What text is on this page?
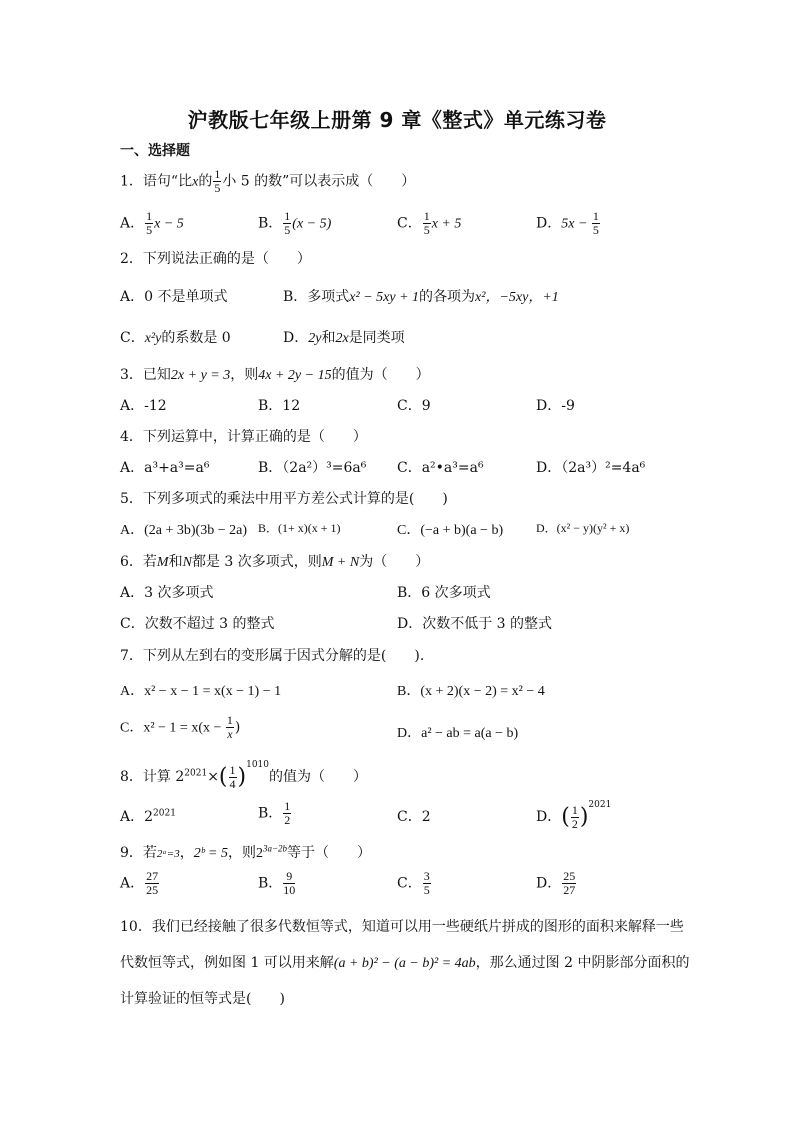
沪教版七年级上册第 9 章《整式》单元练习卷
一、选择题
1．语句“比x的 $\frac{1}{5}$ 小 5 的数”可以表示成（　　）
A． $\frac{1}{5}$ x − 5	B． $\frac{1}{5} (x - 5)$	C． $\frac{1}{5}$ x + 5	D．$5x - \frac{1}{5}$
2．下列说法正确的是（　　）
A．0 不是单项式	B．多项式x² − 5xy + 1的各项为x²，−5xy，+1
C．x²y的系数是 0	D．2y和2x是同类项
3．已知2x + y = 3，则4x + 2y − 15的值为（　　）
A．-12	B．12	C．9	D．-9
4．下列运算中，计算正确的是（　　）
A．a³+a³=a⁶	B．（2a²）³=6a⁶ C．a²•a³=a⁶	D．（2a³）²=4a⁶
5．下列多项式的乘法中用平方差公式计算的是(　　)
A．(2a + 3b)(3b − 2a) B．(1+ x)(x + 1)	C．(−a + b)(a − b)	D．(x² − y)(y² + x)
6．若M和N都是 3 次多项式，则M + N为（　　）
A．3 次多项式	B．6 次多项式
C．次数不超过 3 的整式	D．次数不低于 3 的整式
7．下列从左到右的变形属于因式分解的是(　　).
A．x² − x − 1 = x(x − 1) − 1	B．(x + 2)(x − 2) = x² − 4
C．$x^2 - 1 = x(x - \frac{1}{x}$ )	D．a² − ab = a(a − b)
8．计算 $2^{2021}\times( \frac{1}{4} )^{1010}$的值为（　　）
A．$2^{2021}$	B． $\frac{1}{2}$	C．2	D．( $\frac{1}{2} )^{2021}$
9．若2ᵃ=3，2ᵇ = 5，则$2^{3a-2b}$等于（　　）
A． $\frac{27}{25}$	B． $\frac{9}{10}$	C． $\frac{3}{5}$	D． $\frac{25}{27}$
10．我们已经接触了很多代数恒等式，知道可以用一些硬纸片拼成的图形的面积来解释一些
代数恒等式，例如图 1 可以用来解(a + b)² − (a − b)² = 4ab，那么通过图 2 中阴影部分面积的
计算验证的恒等式是(　　)
